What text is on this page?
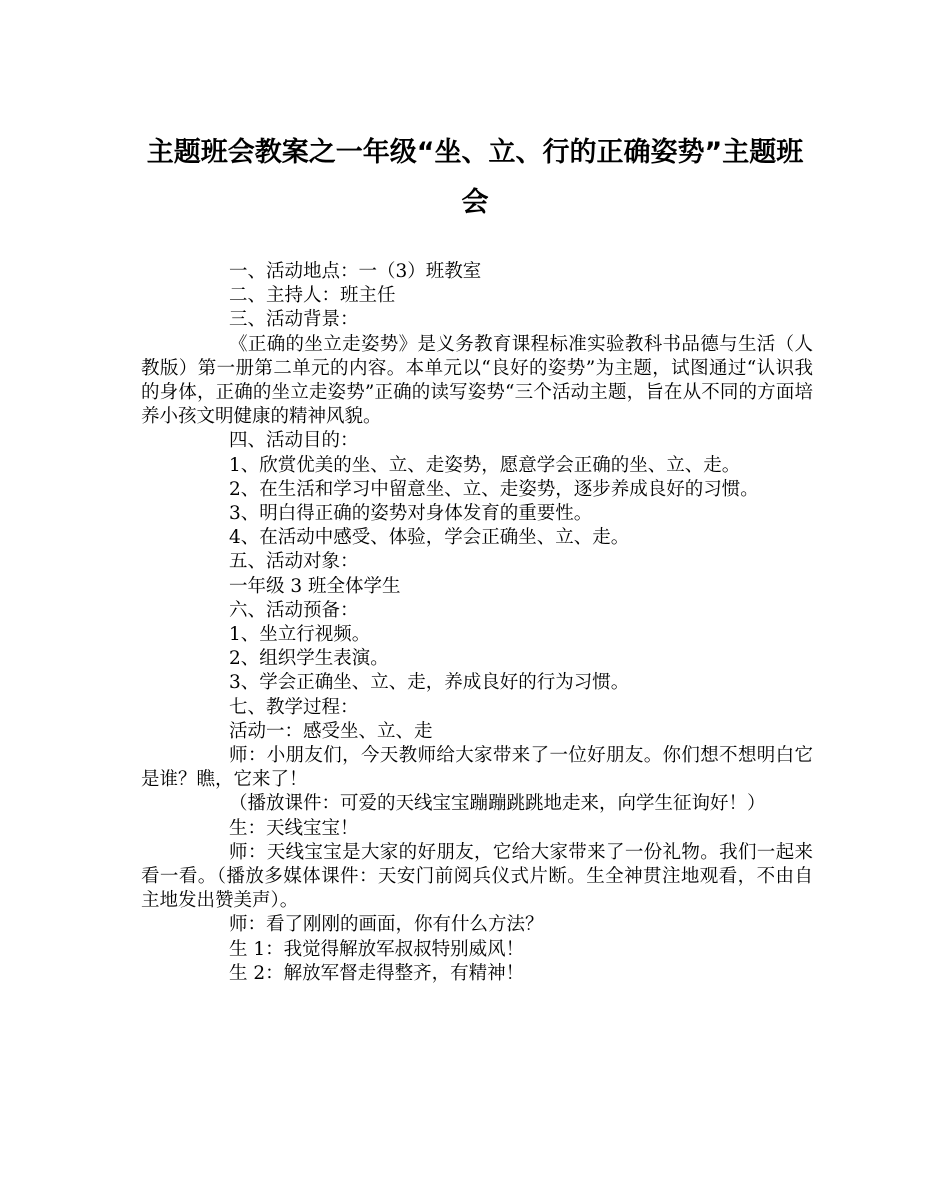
主题班会教案之一年级“坐、立、行的正确姿势”主题班会

一、活动地点：一（3）班教室

二、主持人：班主任

三、活动背景：

《正确的坐立走姿势》是义务教育课程标准实验教科书品德与生活（人教版）第一册第二单元的内容。本单元以“良好的姿势”为主题，试图通过“认识我的身体，正确的坐立走姿势”正确的读写姿势“三个活动主题，旨在从不同的方面培养小孩文明健康的精神风貌。

四、活动目的：

1、欣赏优美的坐、立、走姿势，愿意学会正确的坐、立、走。

2、在生活和学习中留意坐、立、走姿势，逐步养成良好的习惯。

3、明白得正确的姿势对身体发育的重要性。

4、在活动中感受、体验，学会正确坐、立、走。

五、活动对象：

一年级 3 班全体学生

六、活动预备：

1、坐立行视频。

2、组织学生表演。

3、学会正确坐、立、走，养成良好的行为习惯。

七、教学过程：

活动一：感受坐、立、走

师：小朋友们，今天教师给大家带来了一位好朋友。你们想不想明白它是谁？瞧，它来了！

（播放课件：可爱的天线宝宝蹦蹦跳跳地走来，向学生征询好！）

生：天线宝宝！

师：天线宝宝是大家的好朋友，它给大家带来了一份礼物。我们一起来看一看。（播放多媒体课件：天安门前阅兵仪式片断。生全神贯注地观看，不由自主地发出赞美声）。

师：看了刚刚的画面，你有什么方法？

生 1：我觉得解放军叔叔特别威风！

生 2：解放军督走得整齐，有精神！
